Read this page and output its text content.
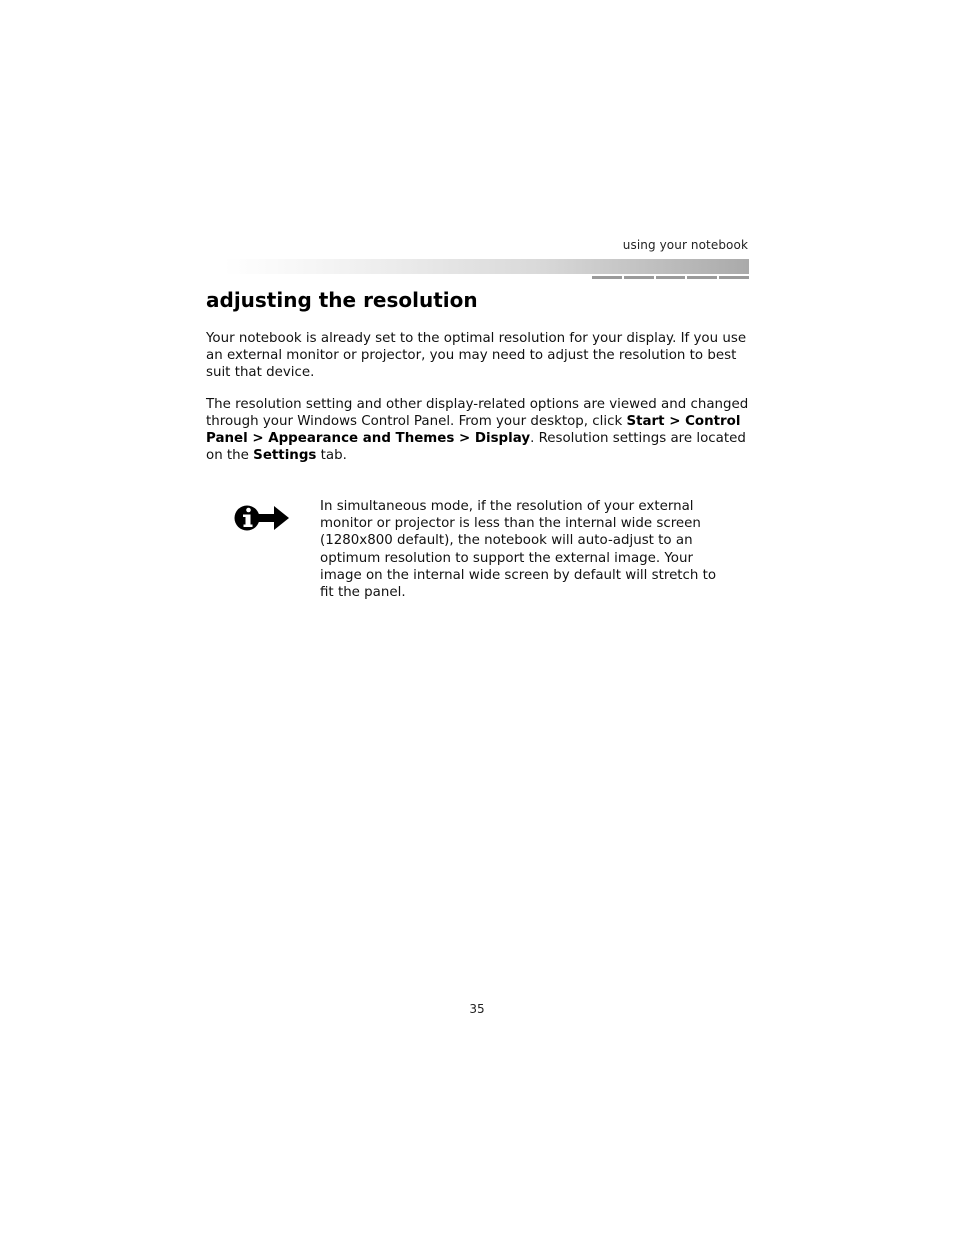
using your notebook
adjusting the resolution

Your notebook is already set to the optimal resolution for your display. If you use an external monitor or projector, you may need to adjust the resolution to best suit that device.

The resolution setting and other display-related options are viewed and changed through your Windows Control Panel. From your desktop, click Start > Control Panel > Appearance and Themes > Display. Resolution settings are located on the Settings tab.

In simultaneous mode, if the resolution of your external monitor or projector is less than the internal wide screen (1280x800 default), the notebook will auto-adjust to an optimum resolution to support the external image. Your image on the internal wide screen by default will stretch to fit the panel.

35
